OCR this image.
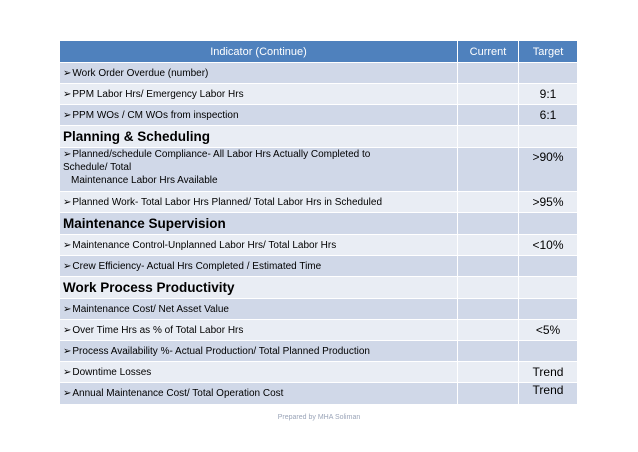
Indicator (Continue)	Current	Target

➢Work Order Overdue (number)		

➢PPM Labor Hrs/ Emergency Labor Hrs		9:1

➢PPM WOs / CM WOs from inspection		6:1

Planning & Scheduling		

➢Planned/schedule Compliance- All Labor Hrs Actually Completed to
Schedule/ Total
Maintenance Labor Hrs Available		>90%

➢Planned Work- Total Labor Hrs Planned/ Total Labor Hrs in Scheduled		>95%

Maintenance Supervision		

➢Maintenance Control-Unplanned Labor Hrs/ Total Labor Hrs		<10%

➢Crew Efficiency- Actual Hrs Completed / Estimated Time		

Work Process Productivity		

➢Maintenance Cost/ Net Asset Value		

➢Over Time Hrs as % of Total Labor Hrs		<5%

➢Process Availability %- Actual Production/ Total Planned Production		

➢Downtime Losses		Trend

➢Annual Maintenance Cost/ Total Operation Cost		Trend
Prepared by MHA Soliman
